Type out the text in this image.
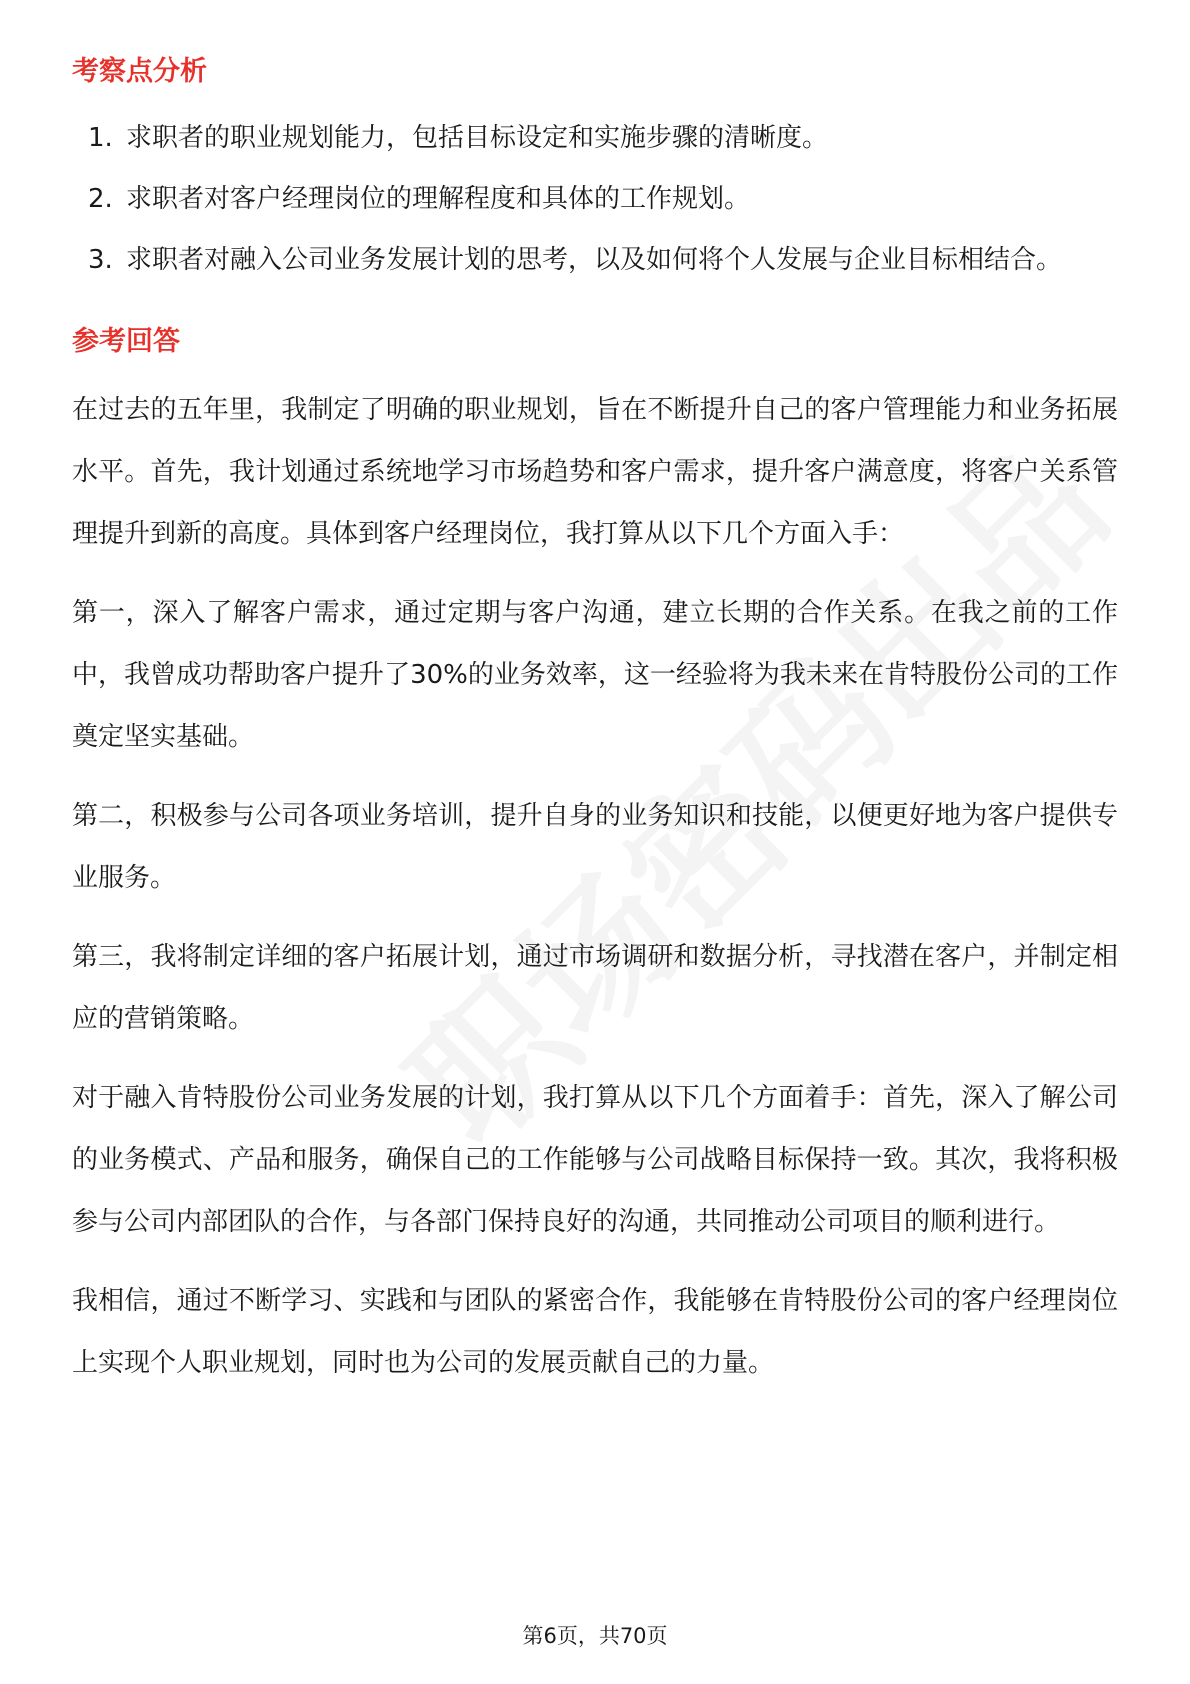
考察点分析
1. 求职者的职业规划能力，包括目标设定和实施步骤的清晰度。
2. 求职者对客户经理岗位的理解程度和具体的工作规划。
3. 求职者对融入公司业务发展计划的思考，以及如何将个人发展与企业目标相结合。
参考回答

在过去的五年里，我制定了明确的职业规划，旨在不断提升自己的客户管理能力和业务拓展水平。首先，我计划通过系统地学习市场趋势和客户需求，提升客户满意度，将客户关系管理提升到新的高度。具体到客户经理岗位，我打算从以下几个方面入手：

第一，深入了解客户需求，通过定期与客户沟通，建立长期的合作关系。在我之前的工作中，我曾成功帮助客户提升了30%的业务效率，这一经验将为我未来在肯特股份公司的工作奠定坚实基础。

第二，积极参与公司各项业务培训，提升自身的业务知识和技能，以便更好地为客户提供专业服务。

第三，我将制定详细的客户拓展计划，通过市场调研和数据分析，寻找潜在客户，并制定相应的营销策略。

对于融入肯特股份公司业务发展的计划，我打算从以下几个方面着手：首先，深入了解公司的业务模式、产品和服务，确保自己的工作能够与公司战略目标保持一致。其次，我将积极参与公司内部团队的合作，与各部门保持良好的沟通，共同推动公司项目的顺利进行。

我相信，通过不断学习、实践和与团队的紧密合作，我能够在肯特股份公司的客户经理岗位上实现个人职业规划，同时也为公司的发展贡献自己的力量。

第6页，共70页
